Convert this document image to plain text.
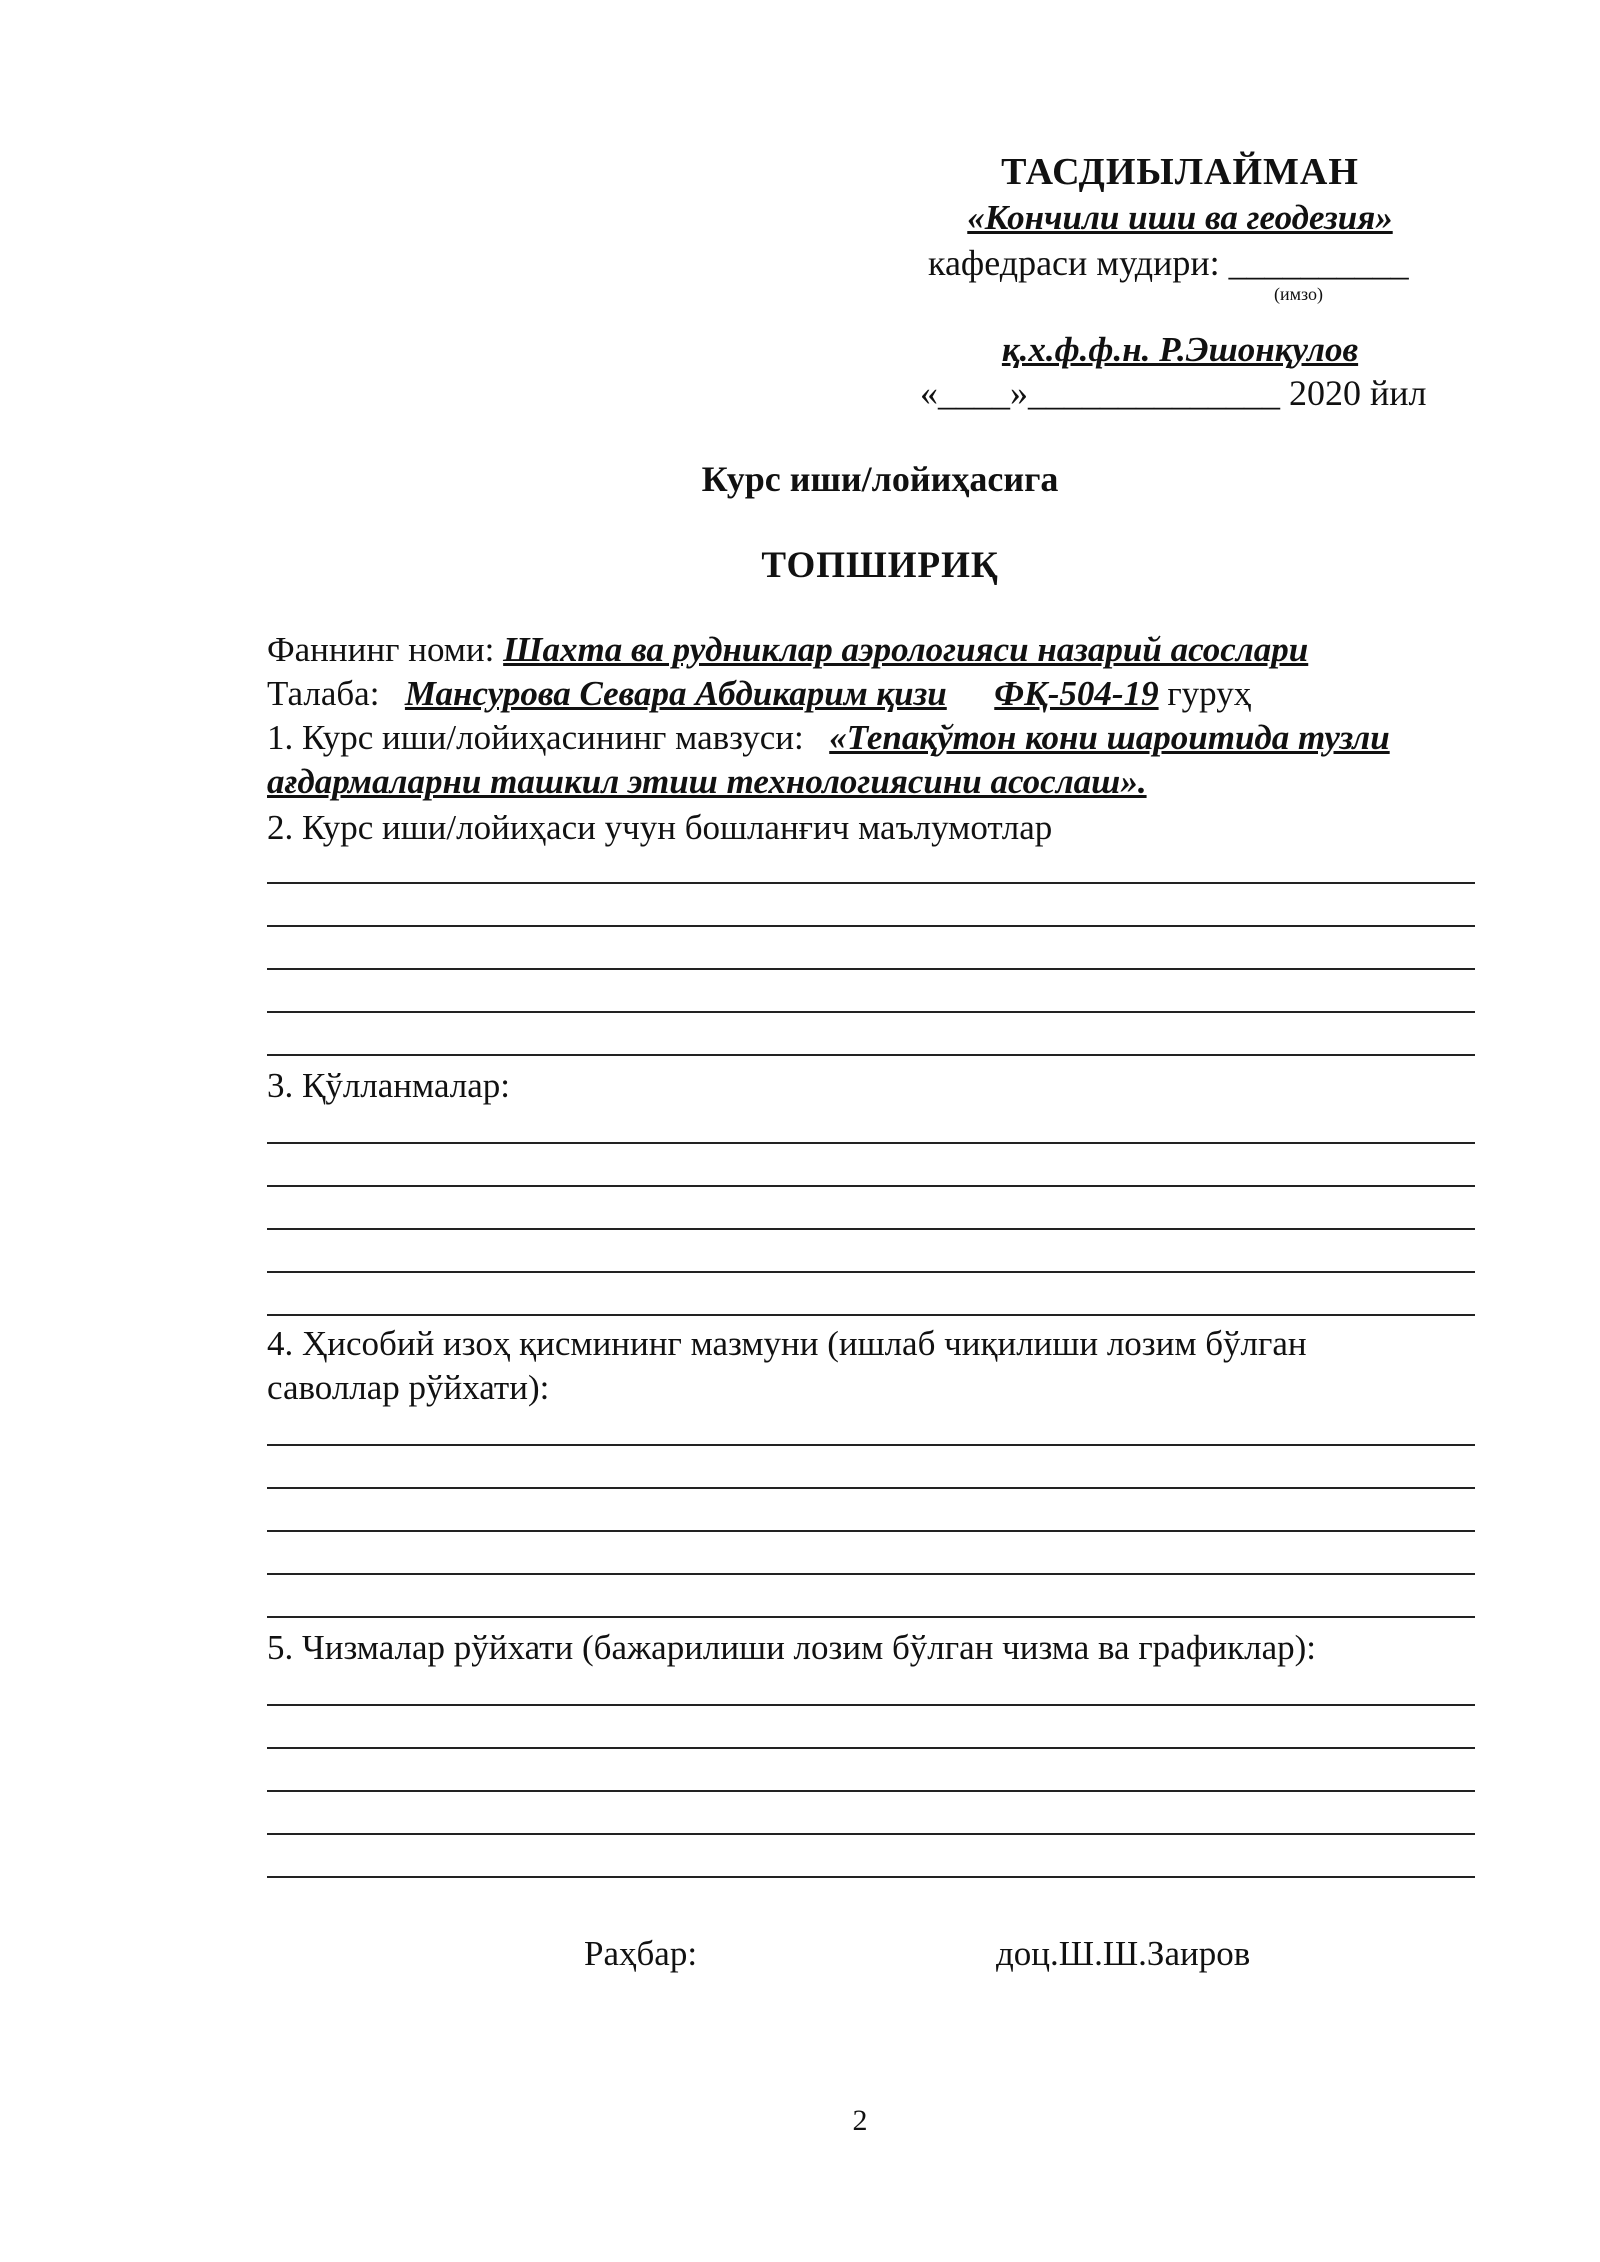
ТАСДИЫЛАЙМАН
«Кончили иши ва геодезия»
кафедраси мудири: __________
(имзо)
қ.х.ф.ф.н. Р.Эшонқулов
«____»______________ 2020 йил
Курс иши/лойиҳасига
ТОПШИРИҚ
Фаннинг номи: Шахта ва рудниклар аэрологияси назарий асослари
Талаба: Мансурова Севара Абдикарим қизи ФҚ-504-19 гуруҳ
1. Курс иши/лойиҳасининг мавзуси: «Тепақўтон кони шароитида тузли
ағдармаларни ташкил этиш технологиясини асослаш».
2. Курс иши/лойиҳаси учун бошланғич маълумотлар
3. Қўлланмалар:
4. Ҳисобий изоҳ қисмининг мазмуни (ишлаб чиқилиши лозим бўлган
саволлар рўйхати):
5. Чизмалар рўйхати (бажарилиши лозим бўлган чизма ва графиклар):
Раҳбар:	доц.Ш.Ш.Заиров
2
